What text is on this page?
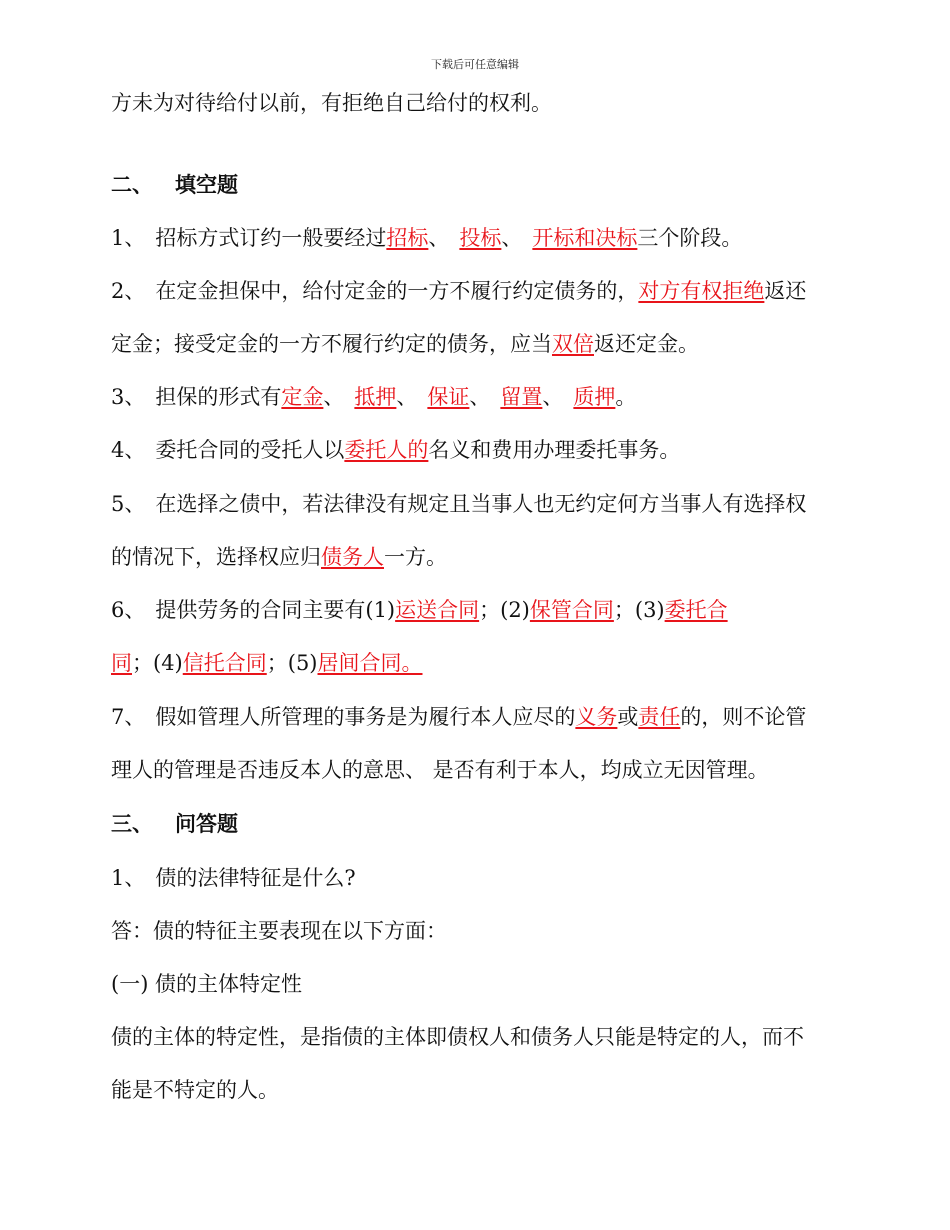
下载后可任意编辑
方未为对待给付以前，有拒绝自己给付的权利。
二、 填空题
1、 招标方式订约一般要经过招标、 投标、 开标和决标三个阶段。
2、 在定金担保中，给付定金的一方不履行约定债务的，对方有权拒绝返还
定金；接受定金的一方不履行约定的债务，应当双倍返还定金。
3、 担保的形式有定金、 抵押、 保证、 留置、 质押。
4、 委托合同的受托人以委托人的名义和费用办理委托事务。
5、 在选择之债中，若法律没有规定且当事人也无约定何方当事人有选择权
的情况下，选择权应归债务人一方。
6、 提供劳务的合同主要有(1)运送合同；(2)保管合同；(3)委托合
同；(4)信托合同；(5)居间合同。
7、 假如管理人所管理的事务是为履行本人应尽的义务或责任的，则不论管
理人的管理是否违反本人的意思、 是否有利于本人，均成立无因管理。
三、 问答题
1、 债的法律特征是什么?
答：债的特征主要表现在以下方面：
(一) 债的主体特定性
债的主体的特定性，是指债的主体即债权人和债务人只能是特定的人，而不
能是不特定的人。
